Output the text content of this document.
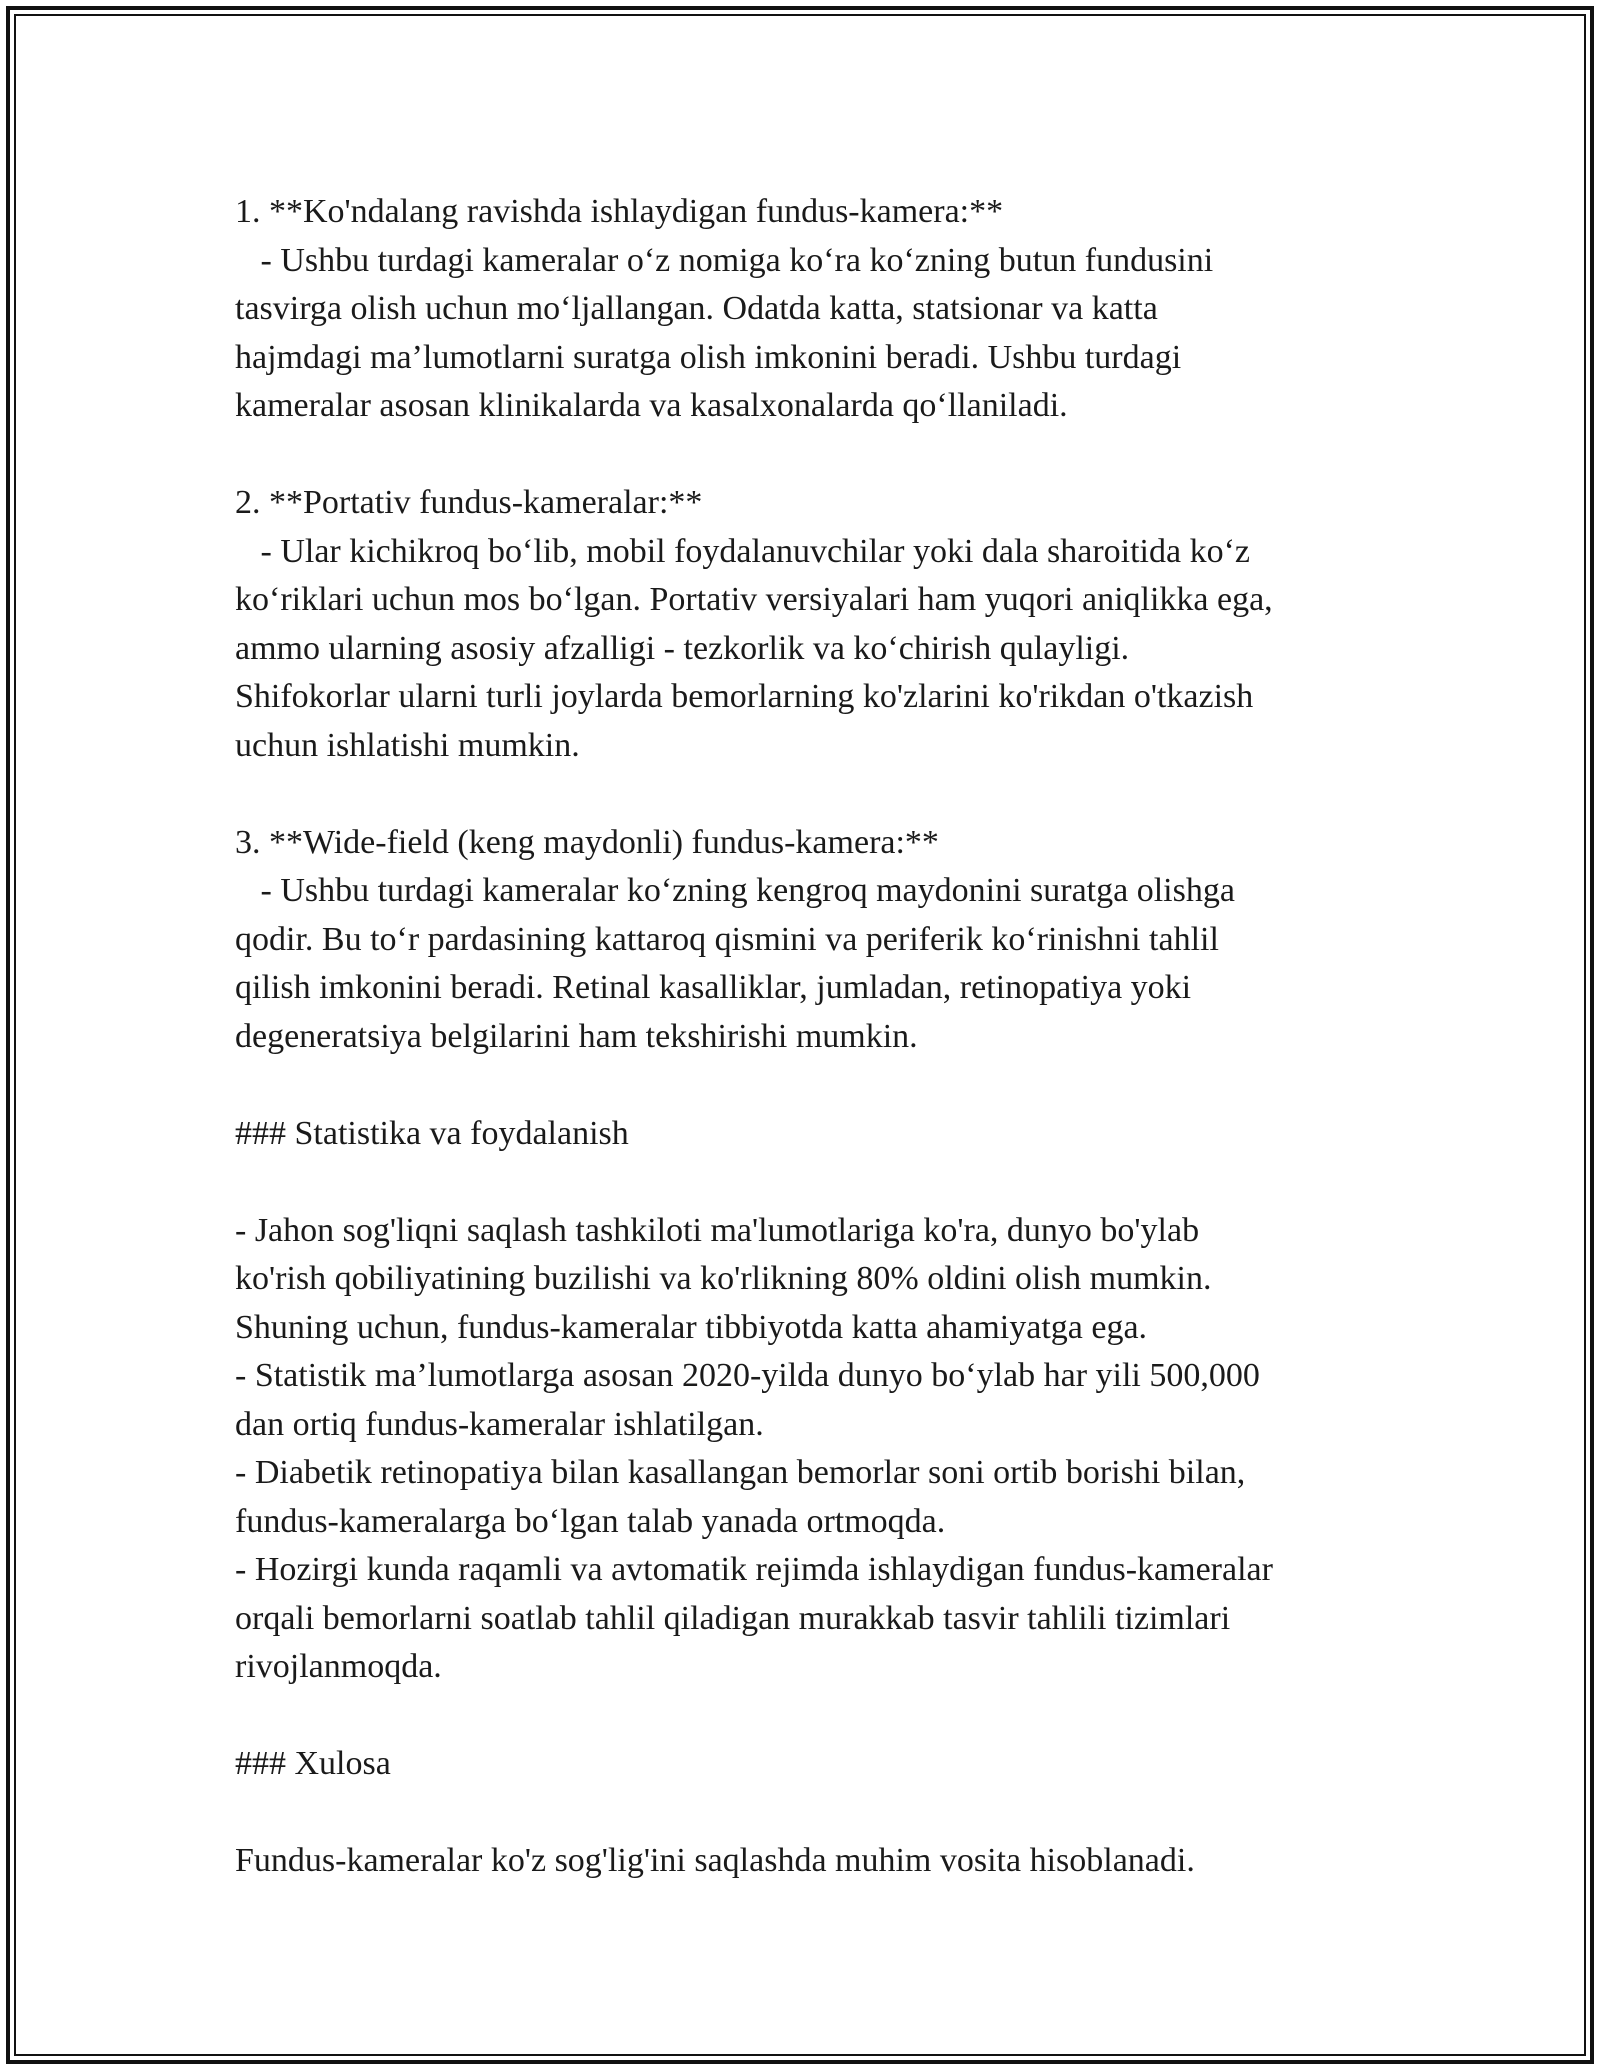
1. **Ko'ndalang ravishda ishlaydigan fundus-kamera:**

- Ushbu turdagi kameralar o‘z nomiga ko‘ra ko‘zning butun fundusini

tasvirga olish uchun mo‘ljallangan. Odatda katta, statsionar va katta

hajmdagi ma’lumotlarni suratga olish imkonini beradi. Ushbu turdagi

kameralar asosan klinikalarda va kasalxonalarda qo‘llaniladi.

2. **Portativ fundus-kameralar:**

- Ular kichikroq bo‘lib, mobil foydalanuvchilar yoki dala sharoitida ko‘z

ko‘riklari uchun mos bo‘lgan. Portativ versiyalari ham yuqori aniqlikka ega,

ammo ularning asosiy afzalligi - tezkorlik va ko‘chirish qulayligi.

Shifokorlar ularni turli joylarda bemorlarning ko'zlarini ko'rikdan o'tkazish

uchun ishlatishi mumkin.

3. **Wide-field (keng maydonli) fundus-kamera:**

- Ushbu turdagi kameralar ko‘zning kengroq maydonini suratga olishga

qodir. Bu to‘r pardasining kattaroq qismini va periferik ko‘rinishni tahlil

qilish imkonini beradi. Retinal kasalliklar, jumladan, retinopatiya yoki

degeneratsiya belgilarini ham tekshirishi mumkin.

### Statistika va foydalanish

- Jahon sog'liqni saqlash tashkiloti ma'lumotlariga ko'ra, dunyo bo'ylab

ko'rish qobiliyatining buzilishi va ko'rlikning 80% oldini olish mumkin.

Shuning uchun, fundus-kameralar tibbiyotda katta ahamiyatga ega.

- Statistik ma’lumotlarga asosan 2020-yilda dunyo bo‘ylab har yili 500,000

dan ortiq fundus-kameralar ishlatilgan.

- Diabetik retinopatiya bilan kasallangan bemorlar soni ortib borishi bilan,

fundus-kameralarga bo‘lgan talab yanada ortmoqda.

- Hozirgi kunda raqamli va avtomatik rejimda ishlaydigan fundus-kameralar

orqali bemorlarni soatlab tahlil qiladigan murakkab tasvir tahlili tizimlari

rivojlanmoqda.

### Xulosa

Fundus-kameralar ko'z sog'lig'ini saqlashda muhim vosita hisoblanadi.
